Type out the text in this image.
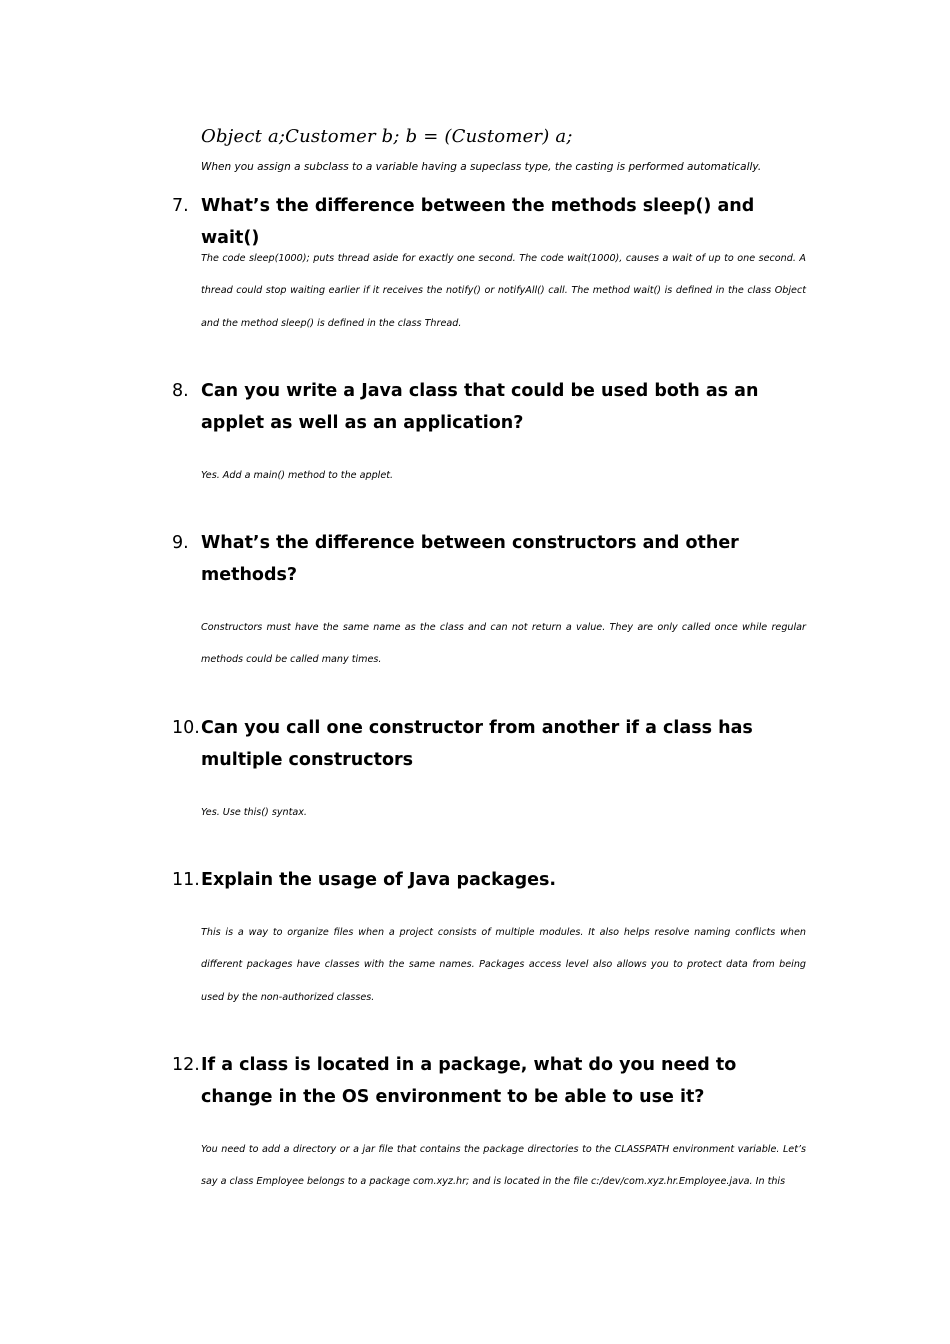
Object a;Customer b; b = (Customer) a;
When you assign a subclass to a variable having a supeclass type, the casting is performed automatically.
7. What’s the difference between the methods sleep() and wait()
The code sleep(1000); puts thread aside for exactly one second. The code wait(1000), causes a wait of up to one second. A thread could stop waiting earlier if it receives the notify() or notifyAll() call. The method wait() is defined in the class Object and the method sleep() is defined in the class Thread.
8. Can you write a Java class that could be used both as an applet as well as an application?
Yes. Add a main() method to the applet.
9. What’s the difference between constructors and other methods?
Constructors must have the same name as the class and can not return a value. They are only called once while regular methods could be called many times.
10. Can you call one constructor from another if a class has multiple constructors
Yes. Use this() syntax.
11. Explain the usage of Java packages.
This is a way to organize files when a project consists of multiple modules. It also helps resolve naming conflicts when different packages have classes with the same names. Packages access level also allows you to protect data from being used by the non-authorized classes.
12. If a class is located in a package, what do you need to change in the OS environment to be able to use it?
You need to add a directory or a jar file that contains the package directories to the CLASSPATH environment variable. Let’s say a class Employee belongs to a package com.xyz.hr; and is located in the file c:/dev/com.xyz.hr.Employee.java. In this
